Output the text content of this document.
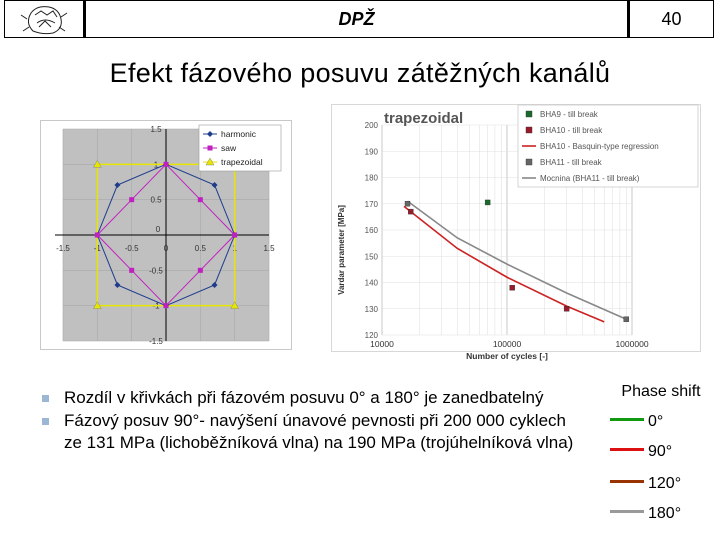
DPŽ	40
Efekt fázového posuvu zátěžných kanálů
-1.5	-1	-0.5	0	0.5	1	1.5
1.5
1
0.5
-0.5
-1
-1.5
0
harmonic
saw
trapezoidal
200
190
180
170
160
150
140
130
120
10000	100000	1000000
Number of cycles [-]
Vardar parameter [MPa]
trapezoidal	BHA9 - till break
BHA10 - till break
BHA10 - Basquin-type regression
BHA11 - till break
Mocnina (BHA11 - till break)
Rozdíl v křivkách při fázovém posuvu 0° a 180° je zanedbatelný
Fázový posuv 90°- navýšení únavové pevnosti při 200 000 cyklech ze 131 MPa (lichoběžníková vlna) na 190 MPa (trojúhelníková vlna)
Phase shift
0°
90°
120°
180°
